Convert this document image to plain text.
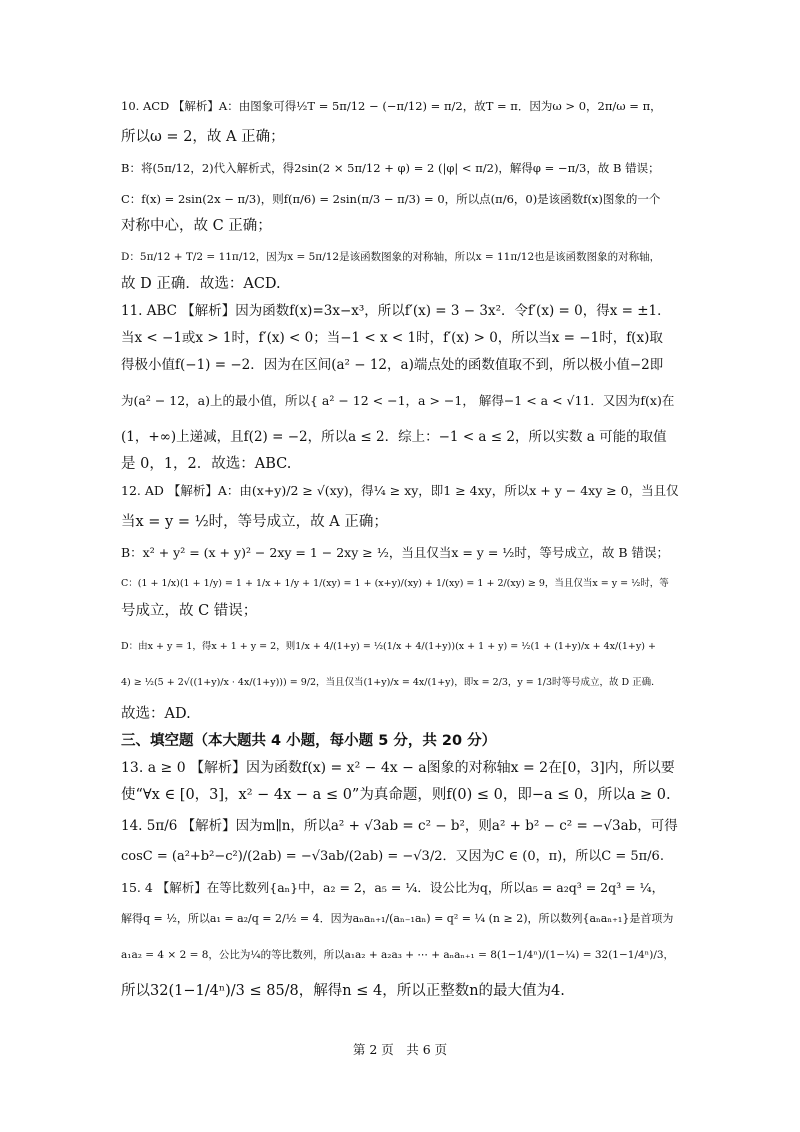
10. ACD 【解析】A：由图象可得½T = 5π/12 − (−π/12) = π/2，故T = π．因为ω > 0，2π/ω = π，

所以ω = 2，故 A 正确；

B：将(5π/12，2)代入解析式，得2sin(2 × 5π/12 + φ) = 2 (|φ| < π/2)，解得φ = −π/3，故 B 错误；

C：f(x) = 2sin(2x − π/3)，则f(π/6) = 2sin(π/3 − π/3) = 0，所以点(π/6，0)是该函数f(x)图象的一个

对称中心，故 C 正确；

D：5π/12 + T/2 = 11π/12，因为x = 5π/12是该函数图象的对称轴，所以x = 11π/12也是该函数图象的对称轴，

故 D 正确．故选：ACD.

11. ABC 【解析】因为函数f(x)=3x−x³，所以f′(x) = 3 − 3x²．令f′(x) = 0，得x = ±1．

当x < −1或x > 1时，f′(x) < 0；当−1 < x < 1时，f′(x) > 0，所以当x = −1时，f(x)取

得极小值f(−1) = −2．因为在区间(a² − 12，a)端点处的函数值取不到，所以极小值−2即

为(a² − 12，a)上的最小值，所以{ a² − 12 < −1，a > −1， 解得−1 < a < √11．又因为f(x)在

(1，+∞)上递减，且f(2) = −2，所以a ≤ 2．综上：−1 < a ≤ 2，所以实数 a 可能的取值

是 0，1，2．故选：ABC.

12. AD 【解析】A：由(x+y)/2 ≥ √(xy)，得¼ ≥ xy，即1 ≥ 4xy，所以x + y − 4xy ≥ 0，当且仅

当x = y = ½时，等号成立，故 A 正确；

B：x² + y² = (x + y)² − 2xy = 1 − 2xy ≥ ½，当且仅当x = y = ½时，等号成立，故 B 错误；

C：(1 + 1/x)(1 + 1/y) = 1 + 1/x + 1/y + 1/(xy) = 1 + (x+y)/(xy) + 1/(xy) = 1 + 2/(xy) ≥ 9，当且仅当x = y = ½时，等

号成立，故 C 错误；

D：由x + y = 1，得x + 1 + y = 2，则1/x + 4/(1+y) = ½(1/x + 4/(1+y))(x + 1 + y) = ½(1 + (1+y)/x + 4x/(1+y) +

4) ≥ ½(5 + 2√((1+y)/x · 4x/(1+y))) = 9/2，当且仅当(1+y)/x = 4x/(1+y)，即x = 2/3，y = 1/3时等号成立，故 D 正确．

故选：AD.

三、填空题（本大题共 4 小题，每小题 5 分，共 20 分）

13. a ≥ 0 【解析】因为函数f(x) = x² − 4x − a图象的对称轴x = 2在[0，3]内，所以要

使“∀x ∈ [0，3]，x² − 4x − a ≤ 0”为真命题，则f(0) ≤ 0，即−a ≤ 0，所以a ≥ 0.

14. 5π/6 【解析】因为m∥n，所以a² + √3ab = c² − b²，则a² + b² − c² = −√3ab，可得

cosC = (a²+b²−c²)/(2ab) = −√3ab/(2ab) = −√3/2．又因为C ∈ (0，π)，所以C = 5π/6.

15. 4 【解析】在等比数列{aₙ}中，a₂ = 2，a₅ = ¼．设公比为q，所以a₅ = a₂q³ = 2q³ = ¼，

解得q = ½，所以a₁ = a₂/q = 2/½ = 4．因为aₙaₙ₊₁/(aₙ₋₁aₙ) = q² = ¼ (n ≥ 2)，所以数列{aₙaₙ₊₁}是首项为

a₁a₂ = 4 × 2 = 8，公比为¼的等比数列，所以a₁a₂ + a₂a₃ + ⋯ + aₙaₙ₊₁ = 8(1−1/4ⁿ)/(1−¼) = 32(1−1/4ⁿ)/3，

所以32(1−1/4ⁿ)/3 ≤ 85/8，解得n ≤ 4，所以正整数n的最大值为4.

第 2 页　共 6 页
